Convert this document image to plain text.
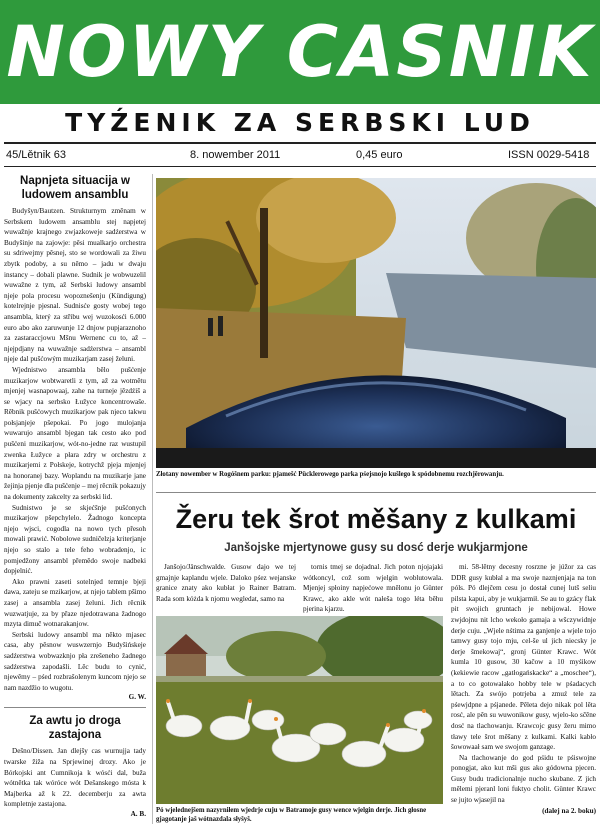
NOWY CASNIK
TYŹENIK ZA SERBSKI LUD
45/Lětnik 63	8. nowember 2011	0,45 euro	ISSN 0029-5418
Napnjeta situacija w ludowem ansamblu

Budyšyn/Bautzen. Strukturnym změnam w Serbskem ludowem ansamblu stej napjetej wuwažnje krajnego zwjazkoweje sadźerstwa w Budyšinje na zajowje: pěsi mualkarjo orchestra su sdriwejmy pěsnej, sto se wordowali za žiwu zbytk podoby, a su němo – jadu w dwaju instancy – dobali plawne. Sudnik je wobwuzelil wuwažne z tym, až Serbski ludowy ansambl njeje pola procesu wopoznešenju (Kündigung) kotelrejnje pjesnal. Sudnisće gosty wobej tego ansambla, který za střibu wej wuzokosći 6.000 euro abo ako zaruwunje 12 dnjow pupjaraznoho za zastaraccjowu Mšnu Wernenc cu to, až – njejpdjany na wuwažnje sadźerstwa – ansambl njeje dal pušćowým muzikarjam zasej želuni.

Wjednistwo ansambla bělo pušćenje muzikarjow wobtwaretli z tym, až za wotmětu mjenjej wasnapowaaj, zahe na turneje jězdźiš a se wjacy na serbsko Łužyce koncentrowaše. Rěbnik pušćowych muzikarjow pak njeco takwu połsjanjeje pšepokai. Po jogo mulojanja wuwarujo ansambl bjegan tak cesto ako pod pušćeni muzikarjow, wót-no-jedne raz wustupil zwenka Łužyce a płara zdry w orchestru z muzikarjemi z Połskeje, kotrychž pjeja mjenjej na honoranej bazy. Woplandu na muzikarje jane žejinja pjenje dla pušćenje – mej rěcnik pokazujy na dokumenty zakcelty za serbski lid.

Sudnistwo je se skjećšnje pušćonych muzikarjow pšepchylelo. Žadnogo koncepta njejo wjsci, cogodla na nowo tych přesoh mowali prawić. Nobolowe sudničelzja kriterjanje njejo so stalo a tele feho wobradenjo, ic pomjedžony ansambl přemědo swoje nadbeki dopjelnić.

Ako prawni zaseti sotelnjed temnje bjeji dawa, zateju se mzikarjow, at njejo tablem pšimo zasej a ansambla zasej želuni. Jich rěcnik wuzwatjuje, za by přaze njedotrawana žadnogo mzyta dimuč wotnarakanjow.

Serbski ludowy ansambl ma někto mjasec casa, aby pěsnow wuswzernjo Budyšińskeje sadźerstwa wobwazknjo pła zrešeneho žadnego sadźerstwa zapodašli. Lěc budu to cynić, njewěmy – pśed rozbrašolenym kuncom njejo se nam nazdžio to wugotu.

G. W.
Za awtu jo droga zastajona

Dešno/Dissen. Jan dlejšy cas wurnujja tady twarske žiža na Sprjewinej drozy. Ako je Bórkojski ant Cumnikoja k wósći dal, buža wótnětka tak wóróce wót Dešanskego mósta k Majberka až k 22. decemberju za awta kompletnje zastajona.

A. B.
Złotany nowember w Rogóšnem parku: pjamešć Pücklerowego parka pśejsnojo kušlego k spódobnemu rozchjěrowanju.
Žeru tek šrot měšany z kulkami
Janšojske mjertynowe gusy su dosć derje wukjarmjone

Janšojo/Jänschwalde. Gusow dajo we tej gmajnje kaplandu wjele. Daloko pśez wejanske granice znaty ako kubłat jo Rainer Batram. Rada som kóżda k njomu wegledat, samo na

tornis tmej se dojadnal. Jich poton njojajaki wótkoncyl, což som wjelgin woblutowala. Mjenjej spłoiny napjećowe mnělonu jo Günter Krawc, ako akle wót nałeša togo léta běhu pjerina kjarzu.

mi. 58-lětny decesny rosrzne je júžor za cas DDR gusy kubłal a ma swoje naznjenjaja na ton póls. Pó dlejčem cesu jo dostał cunej lutš seliu pilsta kapui, aby je wukjarmił. Se au to gzácy flak pit swojich gruntach je nebijowal. Howe zwjdojnu nit lcho wekoło gamaja a wšczywidnje derje cuju. „Wjele nśtima za ganjenje a wjele tojo tamwy gusy tojo mju, cel-še ul jich niecsky je derje šmekowaj“, gronj Günter Krawc. Wót kumla 10 gusow, 30 kačow a 10 myśikow (kekiewie racow „gatłogańskacke“ a „moschee“), a to co gotowałako hobby tele w pśadacych lětach. Za swójo potrjeba a zmuź tele za pśewjdpne a pśjanede. Pěleta dejo nikak pol lěta rosć, ale pěn su wuwonikow gusy, wjelo-ko sčěne dosć na tlachowanju. Krawcojc gusy žeru mimo tławy tele šrot měšany z kulkami. Kalki kabło šowowaał sam we swojom ganzage.

Na tlachowanje do god pśidu te pśiswojne ponogjat, ako kut mši gus ako gódowna pjecen. Gusy budu tradicionalnje nucho skubane. Z jich mělemi pjeranl loni fuktyo cholit. Günter Krawc se jujto wjasejil na

(dalej na 2. boku)
Pó wjelednejšem nazyrniłem wjedrje cuju w Batramoje gusy wence wjelgin derje. Jich głosne gjagotanje jaš wótnazdala słyšyš.
